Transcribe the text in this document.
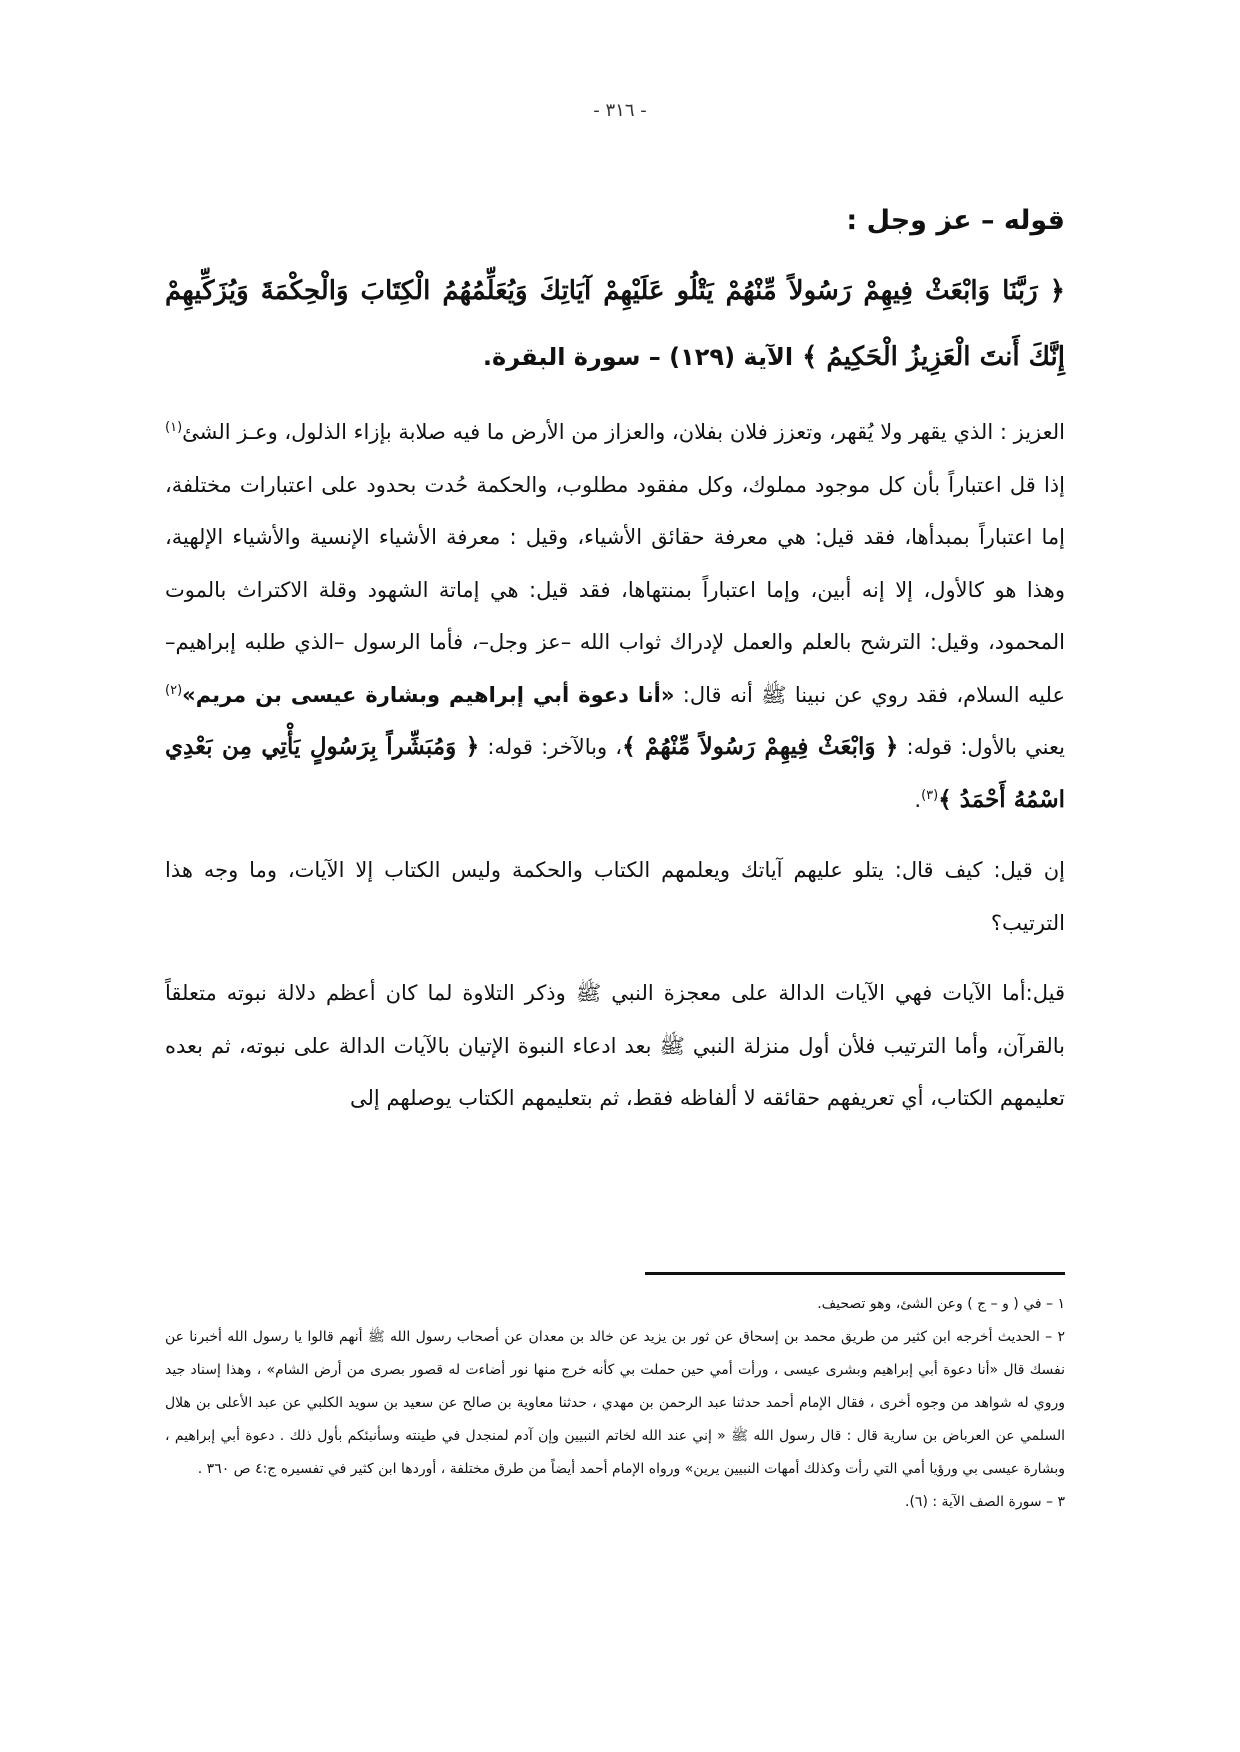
- ٣١٦ -
قوله – عز وجل :
﴿ رَبَّنَا وَابْعَثْ فِيهِمْ رَسُولاً مِّنْهُمْ يَتْلُو عَلَيْهِمْ آيَاتِكَ وَيُعَلِّمُهُمُ الْكِتَابَ وَالْحِكْمَةَ وَيُزَكِّيهِمْ إِنَّكَ أَنتَ الْعَزِيزُ الْحَكِيمُ ﴾ الآية (١٢٩) – سورة البقرة.

العزيز : الذي يقهر ولا يُقهر، وتعزز فلان بفلان، والعزاز من الأرض ما فيه صلابة بإزاء الذلول، وعـز الشئ$^{(١)}$ إذا قل اعتباراً بأن كل موجود مملوك، وكل مفقود مطلوب، والحكمة حُدت بحدود على اعتبارات مختلفة، إما اعتباراً بمبدأها، فقد قيل: هي معرفة حقائق الأشياء، وقيل : معرفة الأشياء الإنسية والأشياء الإلهية، وهذا هو كالأول، إلا إنه أبين، وإما اعتباراً بمنتهاها، فقد قيل: هي إماتة الشهود وقلة الاكتراث بالموت المحمود، وقيل: الترشح بالعلم والعمل لإدراك ثواب الله –عز وجل–، فأما الرسول –الذي طلبه إبراهيم– عليه السلام، فقد روي عن نبينا ﷺ أنه قال: «أنا دعوة أبي إبراهيم وبشارة عيسى بن مريم»$^{(٢)}$ يعني بالأول: قوله: ﴿ وَابْعَثْ فِيهِمْ رَسُولاً مِّنْهُمْ ﴾، وبالآخر: قوله: ﴿ وَمُبَشِّراً بِرَسُولٍ يَأْتِي مِن بَعْدِي اسْمُهُ أَحْمَدُ ﴾$^{(٣)}$.

إن قيل: كيف قال: يتلو عليهم آياتك ويعلمهم الكتاب والحكمة وليس الكتاب إلا الآيات، وما وجه هذا الترتيب؟

قيل:أما الآيات فهي الآيات الدالة على معجزة النبي ﷺ وذكر التلاوة لما كان أعظم دلالة نبوته متعلقاً بالقرآن، وأما الترتيب فلأن أول منزلة النبي ﷺ بعد ادعاء النبوة الإتيان بالآيات الدالة على نبوته، ثم بعده تعليمهم الكتاب، أي تعريفهم حقائقه لا ألفاظه فقط، ثم بتعليمهم الكتاب يوصلهم إلى

١ – في ( و – ج ) وعن الشئ، وهو تصحيف.

٢ – الحديث أخرجه ابن كثير من طريق محمد بن إسحاق عن ثور بن يزيد عن خالد بن معدان عن أصحاب رسول الله ﷺ أنهم قالوا يا رسول الله أخبرنا عن نفسك قال «أنا دعوة أبي إبراهيم وبشرى عيسى ، ورأت أمي حين حملت بي كأنه خرج منها نور أضاءت له قصور بصرى من أرض الشام» ، وهذا إسناد جيد وروي له شواهد من وجوه أخرى ، فقال الإمام أحمد حدثنا عبد الرحمن بن مهدي ، حدثنا معاوية بن صالح عن سعيد بن سويد الكلبي عن عبد الأعلى بن هلال السلمي عن العرباض بن سارية قال : قال رسول الله ﷺ « إني عند الله لخاتم النبيين وإن آدم لمنجدل في طينته وسأنبئكم بأول ذلك . دعوة أبي إبراهيم ، وبشارة عيسى بي ورؤيا أمي التي رأت وكذلك أمهات النبيين يرين» ورواه الإمام أحمد أيضاً من طرق مختلفة ، أوردها ابن كثير في تفسيره ج:٤ ص ٣٦٠ .

٣ – سورة الصف الآية : (٦).
